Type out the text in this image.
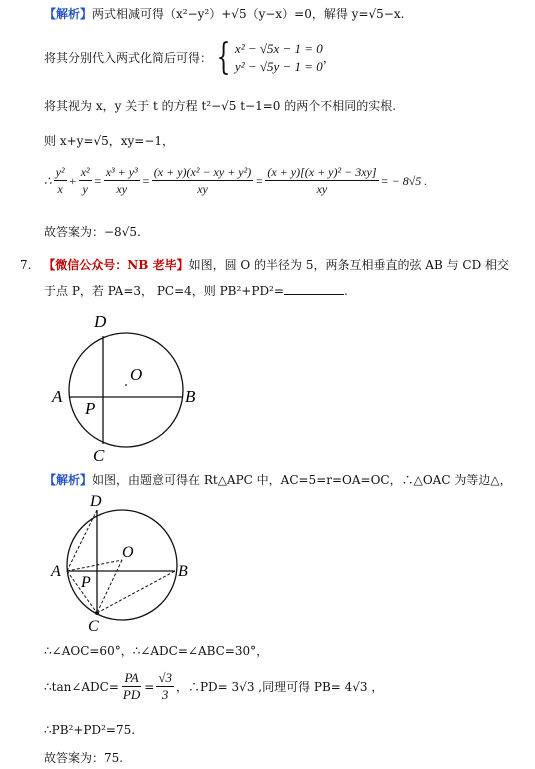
【解析】两式相减可得（x²−y²）+√5（y−x）=0，解得 y=√5−x.
将其分别代入两式化简后可得： { x² − √5x − 1 = 0
y² − √5y − 1 = 0
，
将其视为 x，y 关于 t 的方程 t²−√5 t−1=0 的两个不相同的实根.
则 x+y=√5，xy=−1，
∴ $\frac{\text{y²}}{x} + \frac{\text{x²}}{y} = \frac{\text{x³ + y³}}{xy} = \frac{\text{(x + y)(x² − xy + y²)}}{xy} = \frac{\text{(x + y)[(x + y)² − 3xy]}}{xy}$ = − 8√5 .
故答案为：−8√5.
7. 【微信公众号：NB 老毕】如图，圆 O 的半径为 5，两条互相垂直的弦 AB 与 CD 相交
于点 P，若 PA=3， PC=4，则 PB²+PD²=	.
D
O
A	B
P
C
【解析】如图，由题意可得在 Rt△APC 中，AC=5=r=OA=OC，∴△OAC 为等边△，
D
O
A	B
P
C
∴∠AOC=60°，∴∠ADC=∠ABC=30°，
∴tan∠ADC= $\frac{PA}{PD} = \frac{√3}{3}$ ，∴PD= 3√3 ,同理可得 PB= 4√3 ，
∴PB²+PD²=75.
故答案为：75.
